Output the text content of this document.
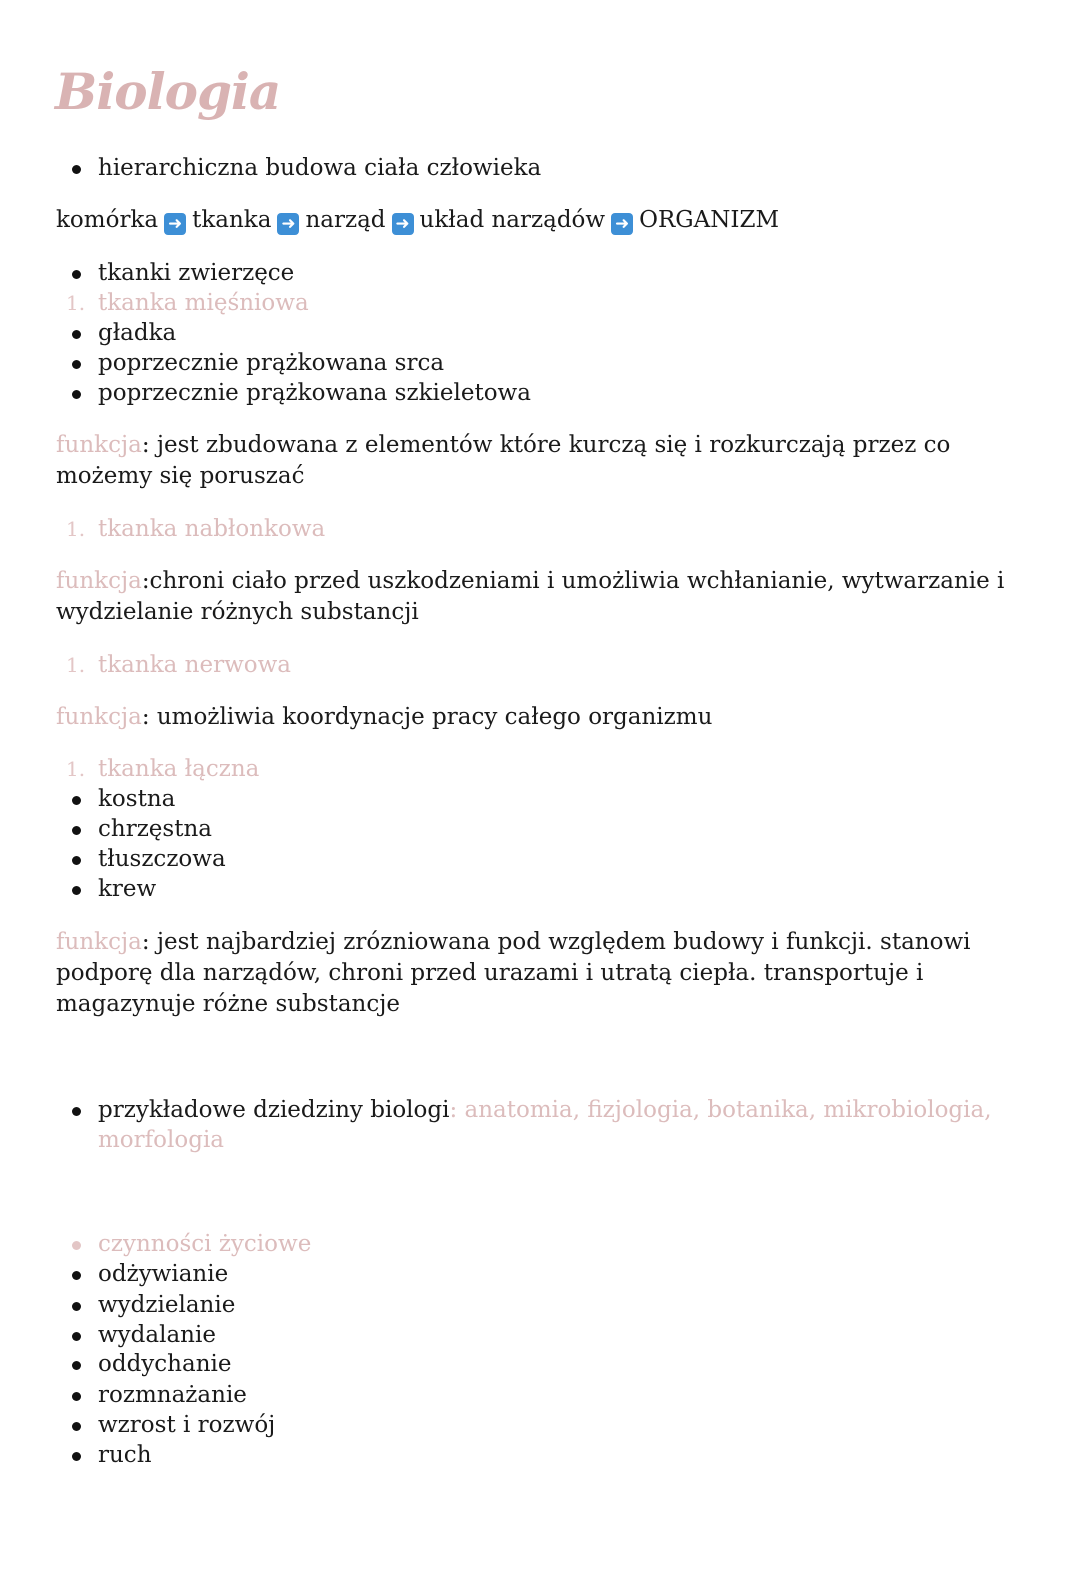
Biologia

hierarchiczna budowa ciała człowieka

komórka ➜ tkanka ➜ narząd ➜ układ narządów ➜ ORGANIZM

tkanki zwierzęce

1. tkanka mięśniowa

gładka

poprzecznie prążkowana srca

poprzecznie prążkowana szkieletowa

funkcja: jest zbudowana z elementów które kurczą się i rozkurczają przez co możemy się poruszać

1. tkanka nabłonkowa

funkcja:chroni ciało przed uszkodzeniami i umożliwia wchłanianie, wytwarzanie i wydzielanie różnych substancji

1. tkanka nerwowa

funkcja: umożliwia koordynacje pracy całego organizmu

1. tkanka łączna

kostna

chrzęstna

tłuszczowa

krew

funkcja: jest najbardziej zrózniowana pod względem budowy i funkcji. stanowi podporę dla narządów, chroni przed urazami i utratą ciepła. transportuje i magazynuje różne substancje

przykładowe dziedziny biologi: anatomia, fizjologia, botanika, mikrobiologia, morfologia

czynności życiowe

odżywianie

wydzielanie

wydalanie

oddychanie

rozmnażanie

wzrost i rozwój

ruch
